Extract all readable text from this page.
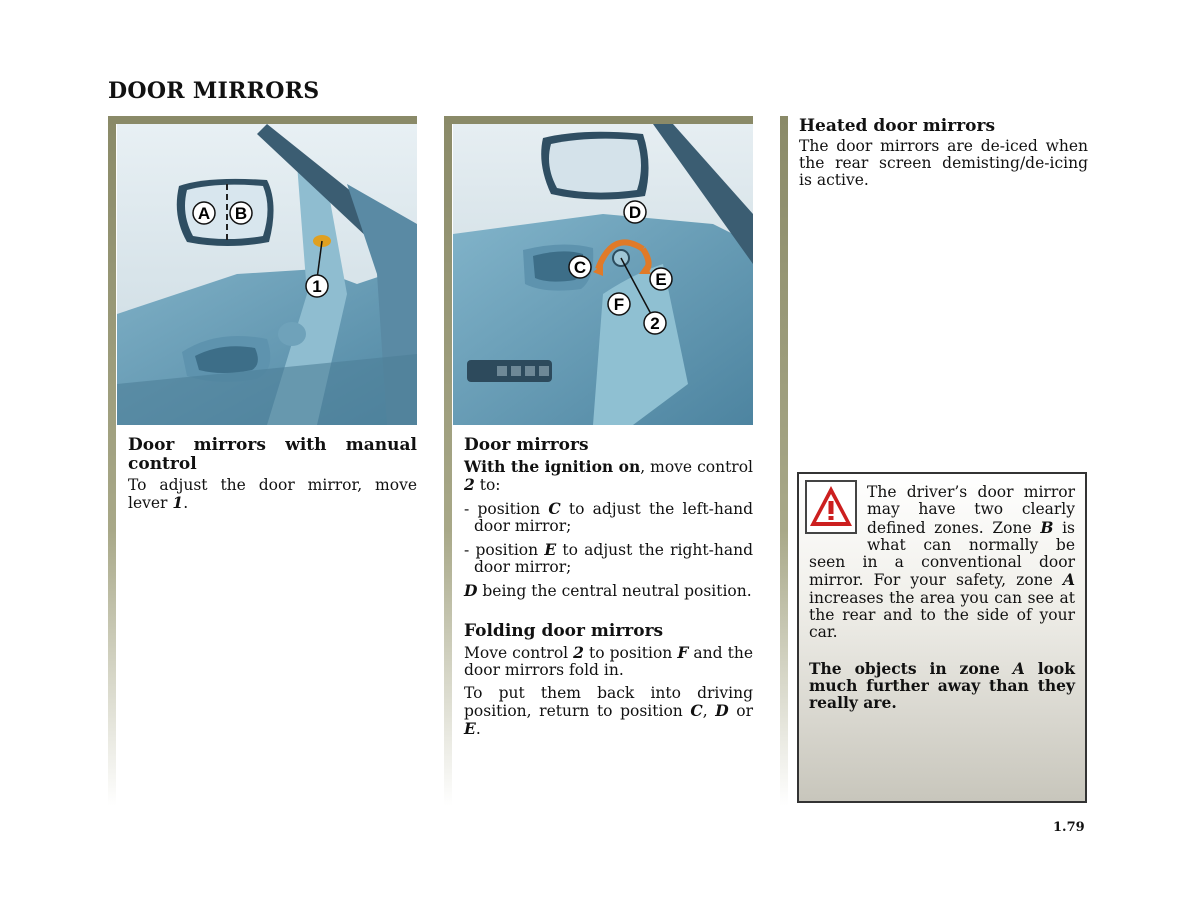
DOOR MIRRORS
A B
1
D
C
E
F
2
Door mirrors with manual control

To adjust the door mirror, move lever 1.

Door mirrors

With the ignition on, move control 2 to:

- position C to adjust the left-hand door mirror;

- position E to adjust the right-hand door mirror;

D being the central neutral position.

Folding door mirrors

Move control 2 to position F and the door mirrors fold in.

To put them back into driving position, return to position C, D or E.

Heated door mirrors

The door mirrors are de-iced when the rear screen demisting/de-icing is active.

The driver’s door mirror may have two clearly defined zones. Zone B is what can normally be seen in a conventional door mirror. For your safety, zone A increases the area you can see at the rear and to the side of your car.

The objects in zone A look much further away than they really are.

1.79
